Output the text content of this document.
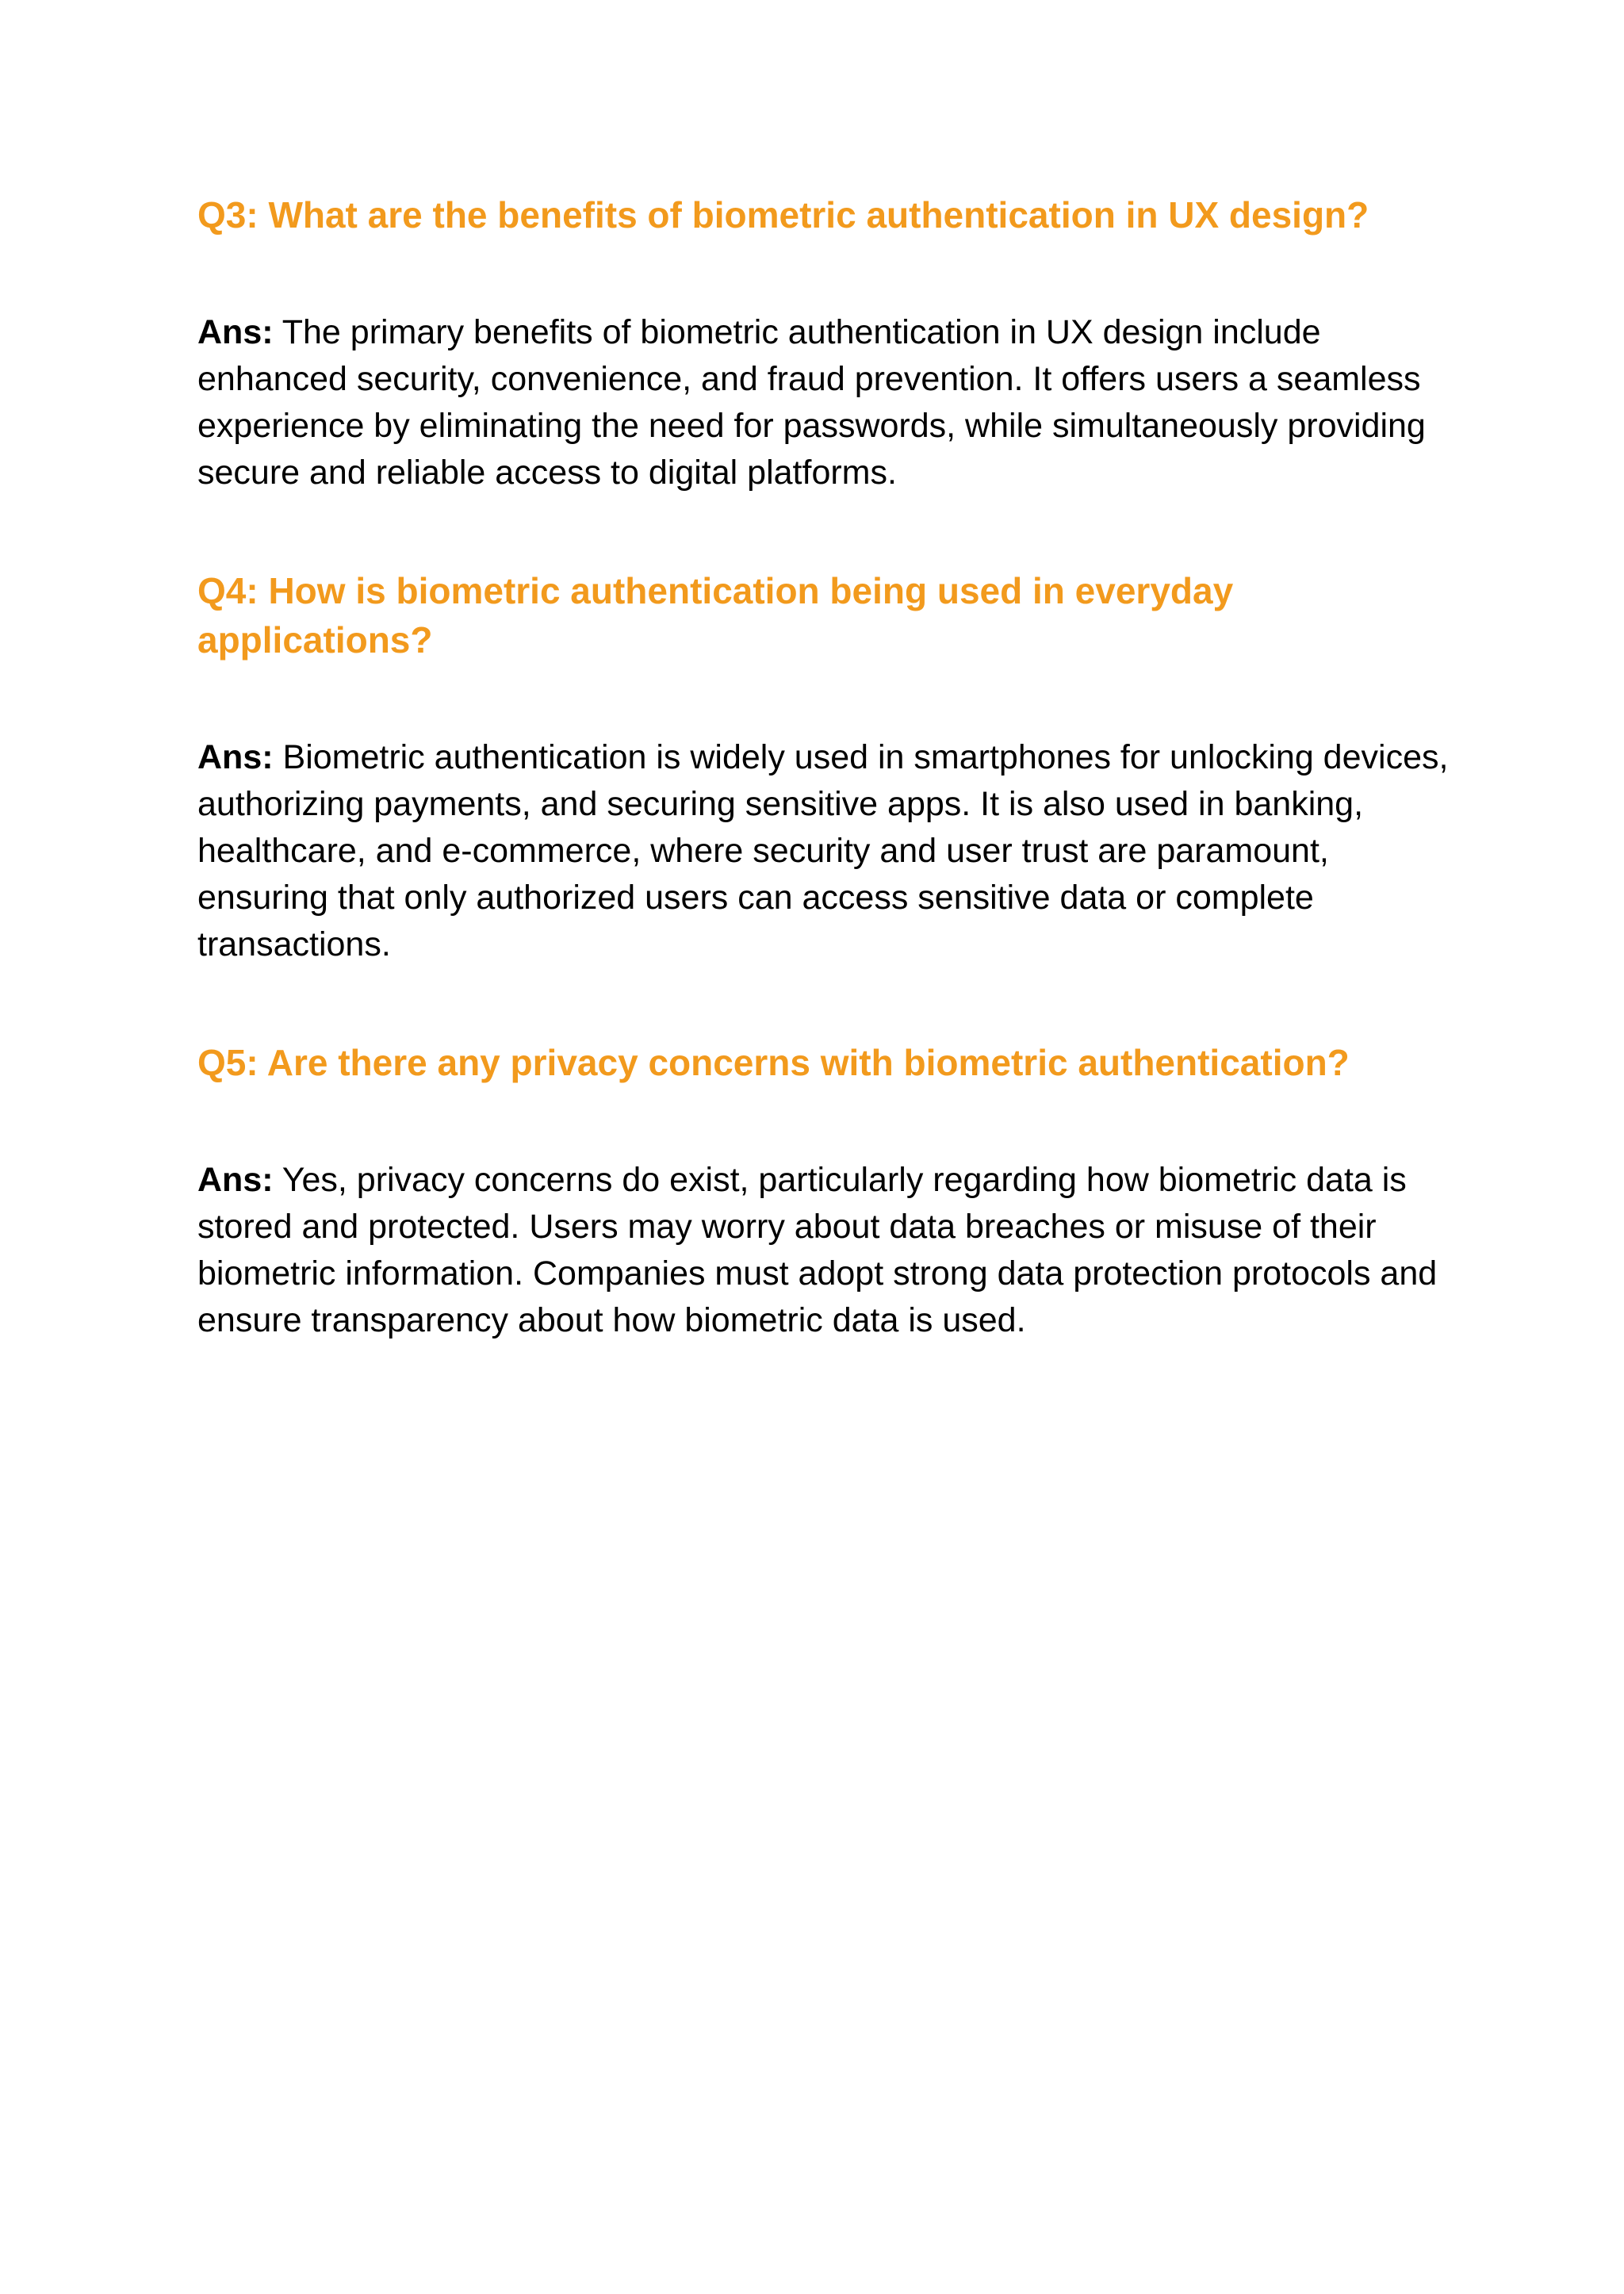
Q3: What are the benefits of biometric authentication in UX design?

Ans: The primary benefits of biometric authentication in UX design include enhanced security, convenience, and fraud prevention. It offers users a seamless experience by eliminating the need for passwords, while simultaneously providing secure and reliable access to digital platforms.

Q4: How is biometric authentication being used in everyday applications?

Ans: Biometric authentication is widely used in smartphones for unlocking devices, authorizing payments, and securing sensitive apps. It is also used in banking, healthcare, and e-commerce, where security and user trust are paramount, ensuring that only authorized users can access sensitive data or complete transactions.

Q5: Are there any privacy concerns with biometric authentication?

Ans: Yes, privacy concerns do exist, particularly regarding how biometric data is stored and protected. Users may worry about data breaches or misuse of their biometric information. Companies must adopt strong data protection protocols and ensure transparency about how biometric data is used.
